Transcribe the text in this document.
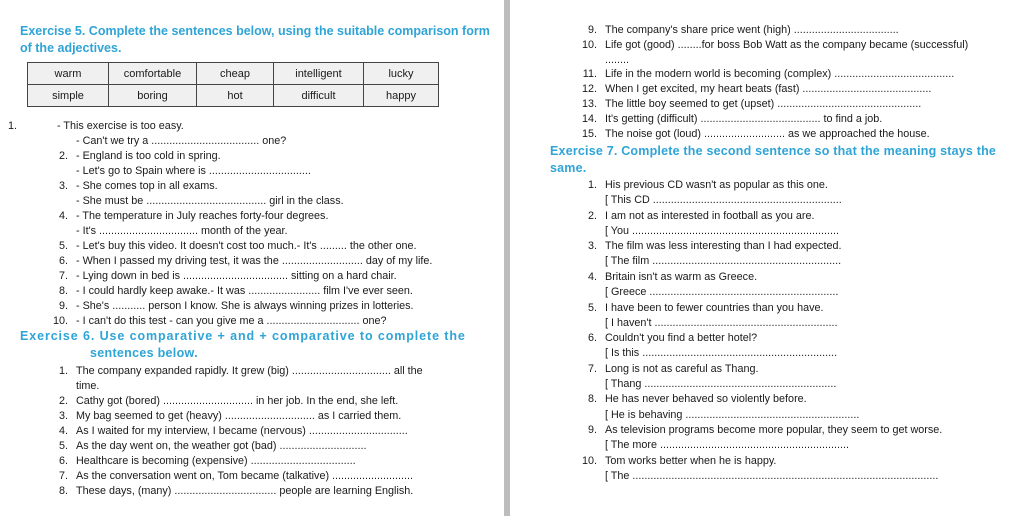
Exercise 5. Complete the sentences below, using the suitable comparison form of the adjectives.
warm	comfortable	cheap	intelligent	lucky
simple	boring	hot	difficult	happy
1.	- This exercise is too easy.
- Can't we try a .................................... one?
2. - England is too cold in spring.
- Let's go to Spain where is ..................................
3. - She comes top in all exams.
- She must be ........................................ girl in the class.
4. - The temperature in July reaches forty-four degrees.
- It's ................................. month of the year.
5. - Let's buy this video. It doesn't cost too much.- It's ......... the other one.
6. - When I passed my driving test, it was the ........................... day of my life.
7. - Lying down in bed is ................................... sitting on a hard chair.
8. - I could hardly keep awake.- It was ........................ film I've ever seen.
9. - She's ........... person I know. She is always winning prizes in lotteries.
10. - I can't do this test - can you give me a ............................... one?
Exercise 6. Use comparative + and + comparative to complete the
sentences below.
1. The company expanded rapidly. It grew (big) ................................. all the
time.
2. Cathy got (bored) .............................. in her job. In the end, she left.
3. My bag seemed to get (heavy) .............................. as I carried them.
4. As I waited for my interview, I became (nervous) .................................
5. As the day went on, the weather got (bad) .............................
6. Healthcare is becoming (expensive) ...................................
7. As the conversation went on, Tom became (talkative) ...........................
8. These days, (many) .................................. people are learning English.
9. The company's share price went (high) ...................................
10. Life got (good) ........for boss Bob Watt as the company became (successful)
........
11. Life in the modern world is becoming (complex) ........................................
12. When I get excited, my heart beats (fast) ...........................................
13. The little boy seemed to get (upset) ................................................
14. It's getting (difficult) ........................................ to find a job.
15. The noise got (loud) ........................... as we approached the house.
Exercise 7. Complete the second sentence so that the meaning stays the
same.
1. His previous CD wasn't as popular as this one.
[ This CD ...............................................................
2. I am not as interested in football as you are.
[ You .....................................................................
3. The film was less interesting than I had expected.
[ The film ...............................................................
4. Britain isn't as warm as Greece.
[ Greece ...............................................................
5. I have been to fewer countries than you have.
[ I haven't .............................................................
6. Couldn't you find a better hotel?
[ Is this .................................................................
7. Long is not as careful as Thang.
[ Thang ................................................................
8. He has never behaved so violently before.
[ He is behaving ..........................................................
9. As television programs become more popular, they seem to get worse.
[ The more ...............................................................
10. Tom works better when he is happy.
[ The ......................................................................................................
